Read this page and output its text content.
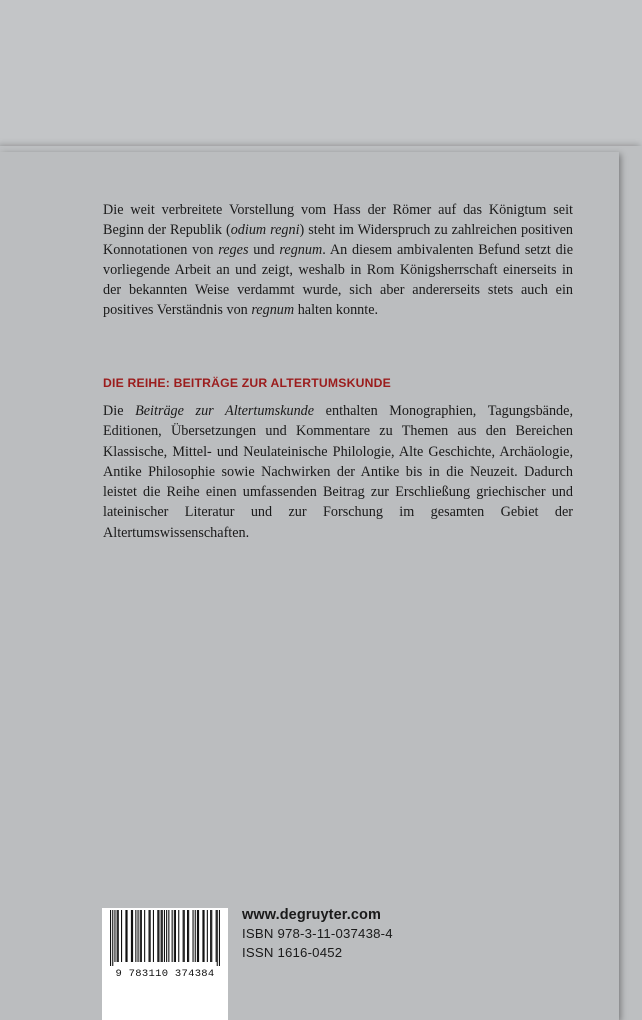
Die weit verbreitete Vorstellung vom Hass der Römer auf das Königtum seit Beginn der Republik (odium regni) steht im Widerspruch zu zahlreichen positiven Konnotationen von reges und regnum. An diesem ambivalenten Befund setzt die vorliegende Arbeit an und zeigt, weshalb in Rom Königsherrschaft einerseits in der bekannten Weise verdammt wurde, sich aber andererseits stets auch ein positives Verständnis von regnum halten konnte.

DIE REIHE: BEITRÄGE ZUR ALTERTUMSKUNDE

Die Beiträge zur Altertumskunde enthalten Monographien, Tagungsbände, Editionen, Übersetzungen und Kommentare zu Themen aus den Bereichen Klassische, Mittel- und Neulateinische Philologie, Alte Geschichte, Archäologie, Antike Philosophie sowie Nachwirken der Antike bis in die Neuzeit. Dadurch leistet die Reihe einen umfassenden Beitrag zur Erschließung griechischer und lateinischer Literatur und zur Forschung im gesamten Gebiet der Altertumswissenschaften.

9 783110 374384
www.degruyter.com
ISBN 978-3-11-037438-4
ISSN 1616-0452
